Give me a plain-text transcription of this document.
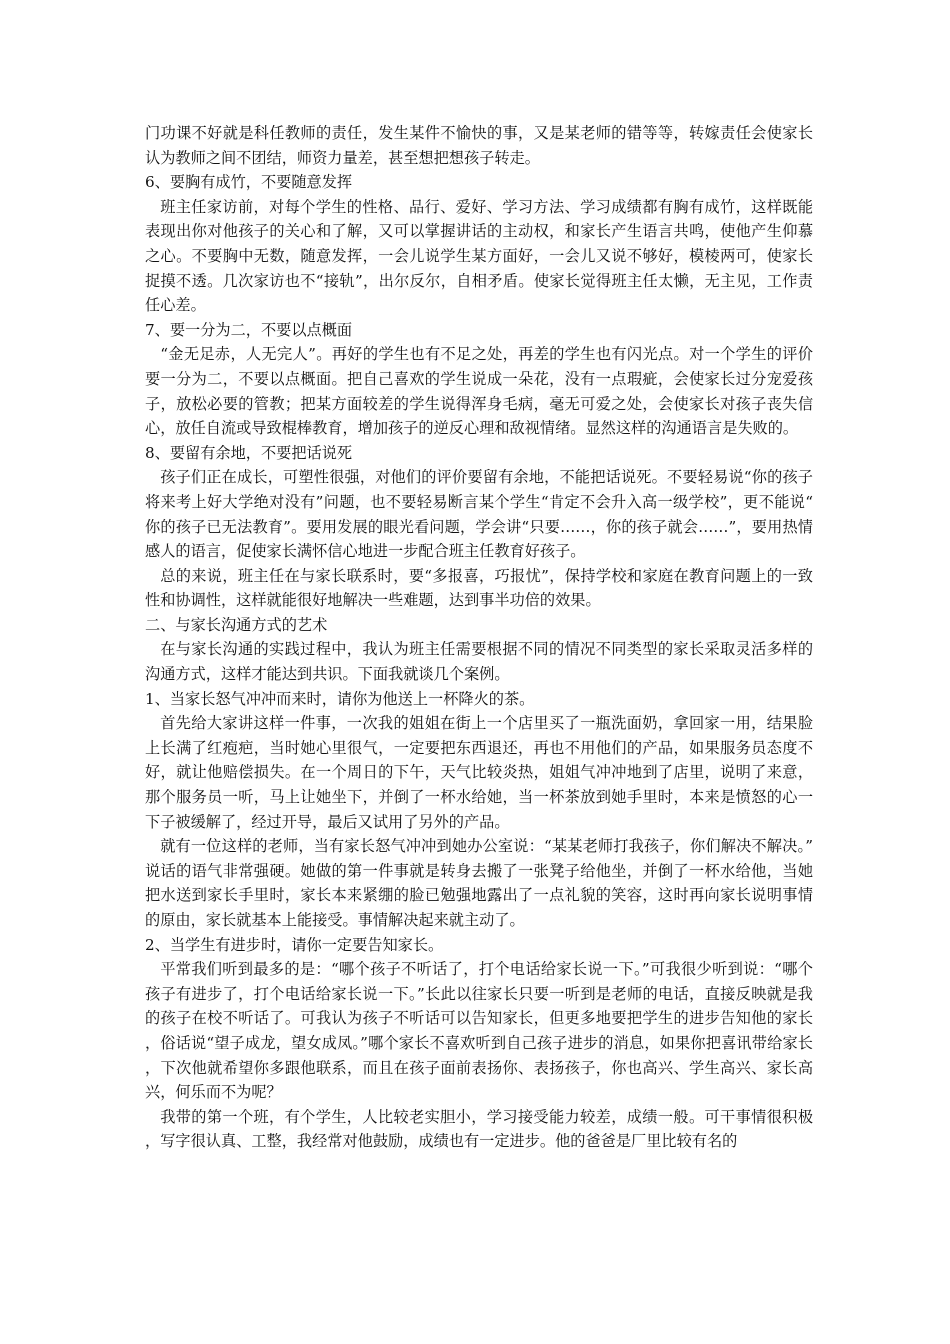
门功课不好就是科任教师的责任，发生某件不愉快的事，又是某老师的错等等，转嫁责任会使家长认为教师之间不团结，师资力量差，甚至想把想孩子转走。

6、要胸有成竹，不要随意发挥

班主任家访前，对每个学生的性格、品行、爱好、学习方法、学习成绩都有胸有成竹，这样既能表现出你对他孩子的关心和了解，又可以掌握讲话的主动权，和家长产生语言共鸣，使他产生仰慕之心。不要胸中无数，随意发挥，一会儿说学生某方面好，一会儿又说不够好，模棱两可，使家长捉摸不透。几次家访也不“接轨”，出尔反尔，自相矛盾。使家长觉得班主任太懒，无主见，工作责任心差。

7、要一分为二，不要以点概面

“金无足赤，人无完人”。再好的学生也有不足之处，再差的学生也有闪光点。对一个学生的评价要一分为二，不要以点概面。把自己喜欢的学生说成一朵花，没有一点瑕疵，会使家长过分宠爱孩子，放松必要的管教；把某方面较差的学生说得浑身毛病，毫无可爱之处，会使家长对孩子丧失信心，放任自流或导致棍棒教育，增加孩子的逆反心理和敌视情绪。显然这样的沟通语言是失败的。

8、要留有余地，不要把话说死

孩子们正在成长，可塑性很强，对他们的评价要留有余地，不能把话说死。不要轻易说“你的孩子将来考上好大学绝对没有”问题，也不要轻易断言某个学生“肯定不会升入高一级学校”，更不能说“你的孩子已无法教育”。要用发展的眼光看问题，学会讲“只要……，你的孩子就会……”，要用热情感人的语言，促使家长满怀信心地进一步配合班主任教育好孩子。

总的来说，班主任在与家长联系时，要“多报喜，巧报忧”，保持学校和家庭在教育问题上的一致性和协调性，这样就能很好地解决一些难题，达到事半功倍的效果。

二、与家长沟通方式的艺术

在与家长沟通的实践过程中，我认为班主任需要根据不同的情况不同类型的家长采取灵活多样的沟通方式，这样才能达到共识。下面我就谈几个案例。

1、当家长怒气冲冲而来时，请你为他送上一杯降火的茶。

首先给大家讲这样一件事，一次我的姐姐在街上一个店里买了一瓶洗面奶，拿回家一用，结果脸上长满了红疱疤，当时她心里很气，一定要把东西退还，再也不用他们的产品，如果服务员态度不好，就让他赔偿损失。在一个周日的下午，天气比较炎热，姐姐气冲冲地到了店里，说明了来意，那个服务员一听，马上让她坐下，并倒了一杯水给她，当一杯茶放到她手里时，本来是愤怒的心一下子被缓解了，经过开导，最后又试用了另外的产品。

就有一位这样的老师，当有家长怒气冲冲到她办公室说：“某某老师打我孩子，你们解决不解决。”说话的语气非常强硬。她做的第一件事就是转身去搬了一张凳子给他坐，并倒了一杯水给他，当她把水送到家长手里时，家长本来紧绷的脸已勉强地露出了一点礼貌的笑容，这时再向家长说明事情的原由，家长就基本上能接受。事情解决起来就主动了。

2、当学生有进步时，请你一定要告知家长。

平常我们听到最多的是：“哪个孩子不听话了，打个电话给家长说一下。”可我很少听到说：“哪个孩子有进步了，打个电话给家长说一下。”长此以往家长只要一听到是老师的电话，直接反映就是我的孩子在校不听话了。可我认为孩子不听话可以告知家长，但更多地要把学生的进步告知他的家长，俗话说“望子成龙，望女成凤。”哪个家长不喜欢听到自己孩子进步的消息，如果你把喜讯带给家长，下次他就希望你多跟他联系，而且在孩子面前表扬你、表扬孩子，你也高兴、学生高兴、家长高兴，何乐而不为呢？

我带的第一个班，有个学生，人比较老实胆小，学习接受能力较差，成绩一般。可干事情很积极，写字很认真、工整，我经常对他鼓励，成绩也有一定进步。他的爸爸是厂里比较有名的
